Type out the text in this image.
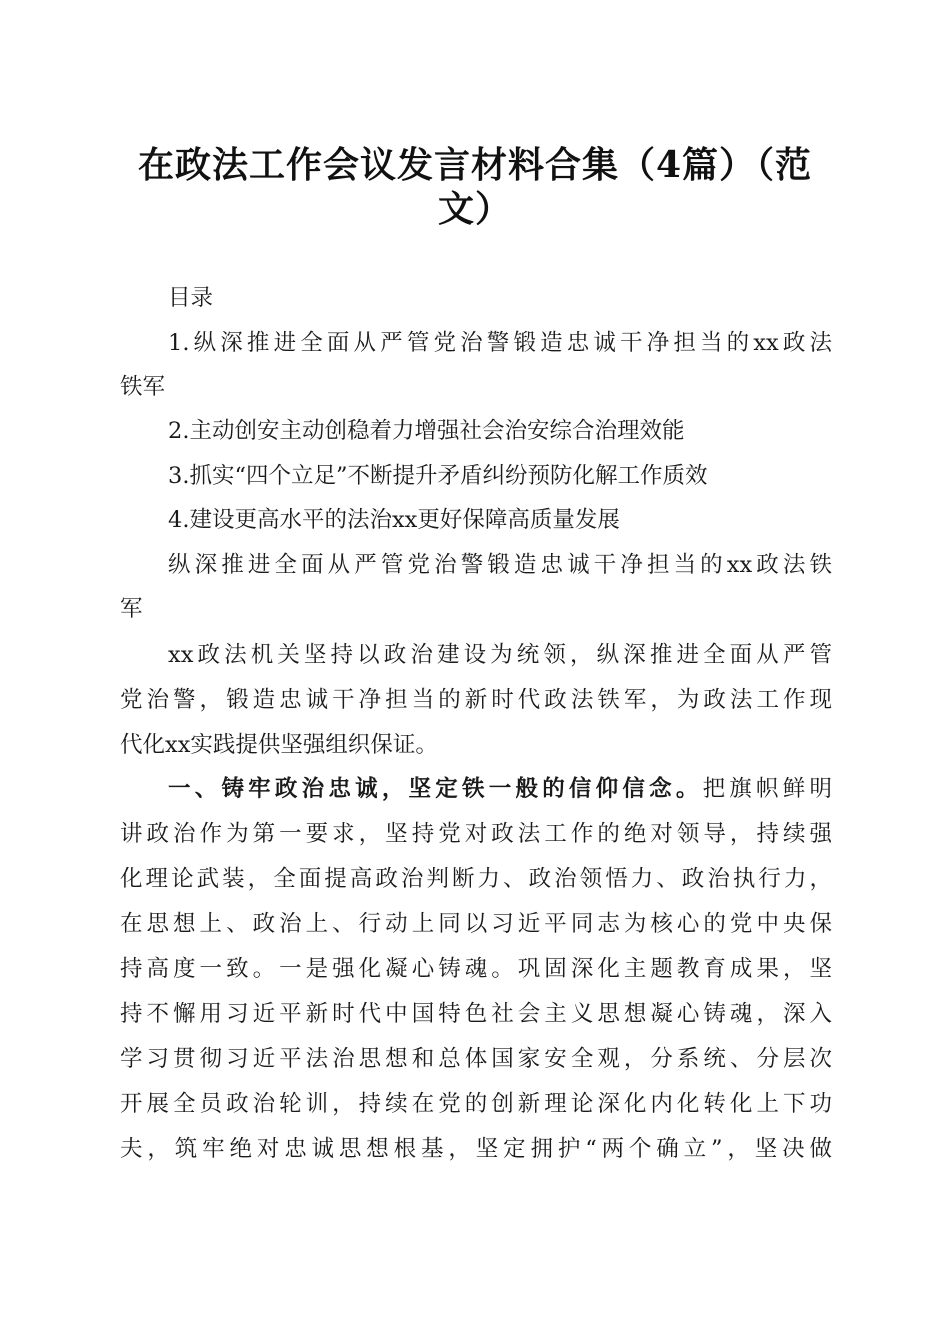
在政法工作会议发言材料合集（4篇）（范
文）
目录
1.纵深推进全面从严管党治警锻造忠诚干净担当的xx政法
铁军
2.主动创安主动创稳着力增强社会治安综合治理效能
3.抓实“四个立足”不断提升矛盾纠纷预防化解工作质效
4.建设更高水平的法治xx更好保障高质量发展
纵深推进全面从严管党治警锻造忠诚干净担当的xx政法铁
军
xx政法机关坚持以政治建设为统领，纵深推进全面从严管
党治警，锻造忠诚干净担当的新时代政法铁军，为政法工作现
代化xx实践提供坚强组织保证。
一、铸牢政治忠诚，坚定铁一般的信仰信念。把旗帜鲜明
讲政治作为第一要求，坚持党对政法工作的绝对领导，持续强
化理论武装，全面提高政治判断力、政治领悟力、政治执行力，
在思想上、政治上、行动上同以习近平同志为核心的党中央保
持高度一致。一是强化凝心铸魂。巩固深化主题教育成果，坚
持不懈用习近平新时代中国特色社会主义思想凝心铸魂，深入
学习贯彻习近平法治思想和总体国家安全观，分系统、分层次
开展全员政治轮训，持续在党的创新理论深化内化转化上下功
夫，筑牢绝对忠诚思想根基，坚定拥护“两个确立”，坚决做
